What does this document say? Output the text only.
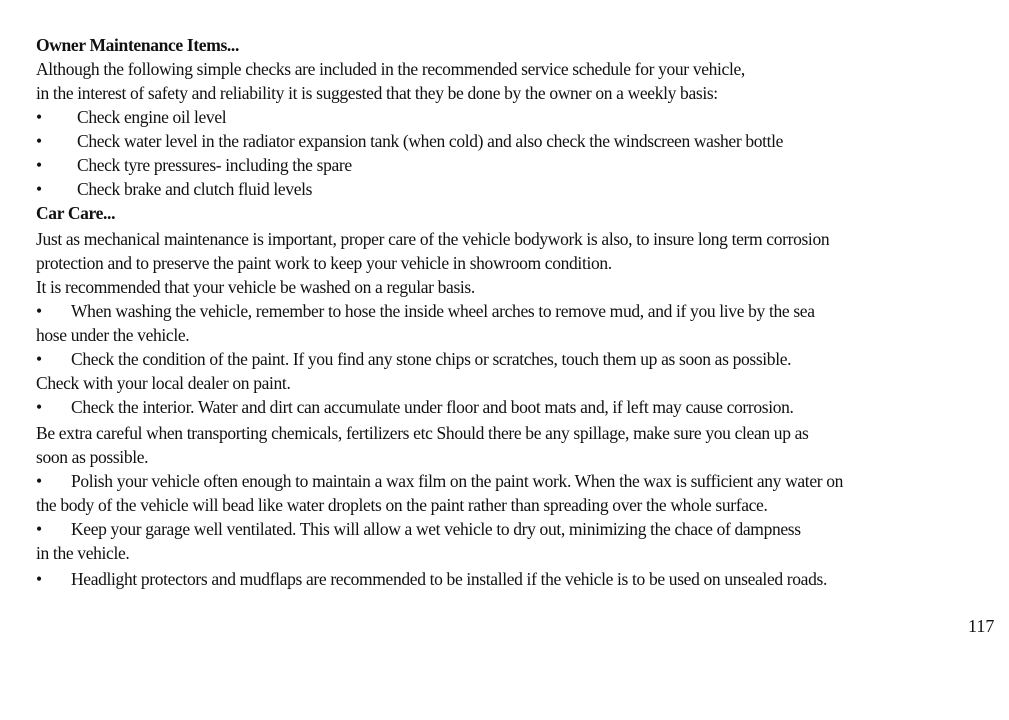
Owner Maintenance Items...
Although the following simple checks are included in the recommended service schedule for your vehicle,
in the interest of safety and reliability it is suggested that they be done by the owner on a weekly basis:
• Check engine oil level
• Check water level in the radiator expansion tank (when cold) and also check the windscreen washer bottle
• Check tyre pressures- including the spare
• Check brake and clutch fluid levels
Car Care...
Just as mechanical maintenance is important, proper care of the vehicle bodywork is also, to insure long term corrosion
protection and to preserve the paint work to keep your vehicle in showroom condition.
It is recommended that your vehicle be washed on a regular basis.
• When washing the vehicle, remember to hose the inside wheel arches to remove mud, and if you live by the sea
hose under the vehicle.
• Check the condition of the paint. If you find any stone chips or scratches, touch them up as soon as possible.
Check with your local dealer on paint.
• Check the interior. Water and dirt can accumulate under floor and boot mats and, if left may cause corrosion.
Be extra careful when transporting chemicals, fertilizers etc Should there be any spillage, make sure you clean up as
soon as possible.
• Polish your vehicle often enough to maintain a wax film on the paint work. When the wax is sufficient any water on
the body of the vehicle will bead like water droplets on the paint rather than spreading over the whole surface.
• Keep your garage well ventilated. This will allow a wet vehicle to dry out, minimizing the chace of dampness
in the vehicle.
• Headlight protectors and mudflaps are recommended to be installed if the vehicle is to be used on unsealed roads.
117
